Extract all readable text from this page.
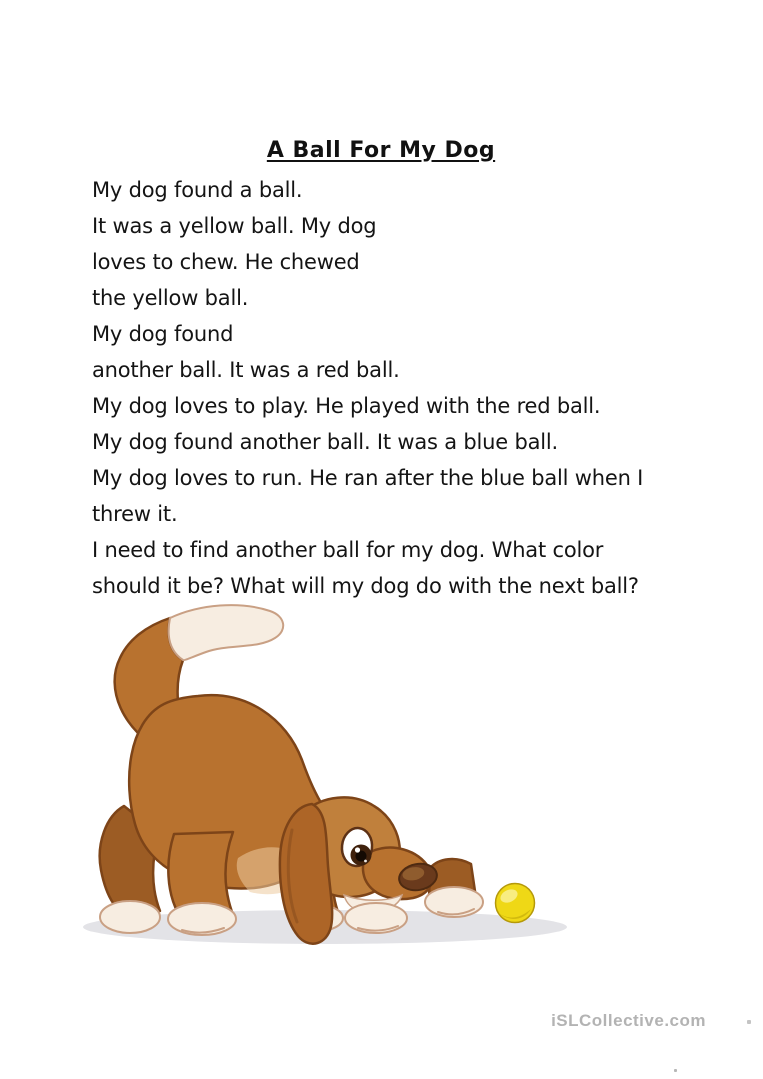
A Ball For My Dog
My dog found a ball.
It was a yellow ball. My dog
loves to chew. He chewed
the yellow ball.
My dog found
another ball. It was a red ball.
My dog loves to play. He played with the red ball.
My dog found another ball. It was a blue ball.
My dog loves to run. He ran after the blue ball when I
threw it.
I need to find another ball for my dog. What color
should it be? What will my dog do with the next ball?
iSLCollective.com
